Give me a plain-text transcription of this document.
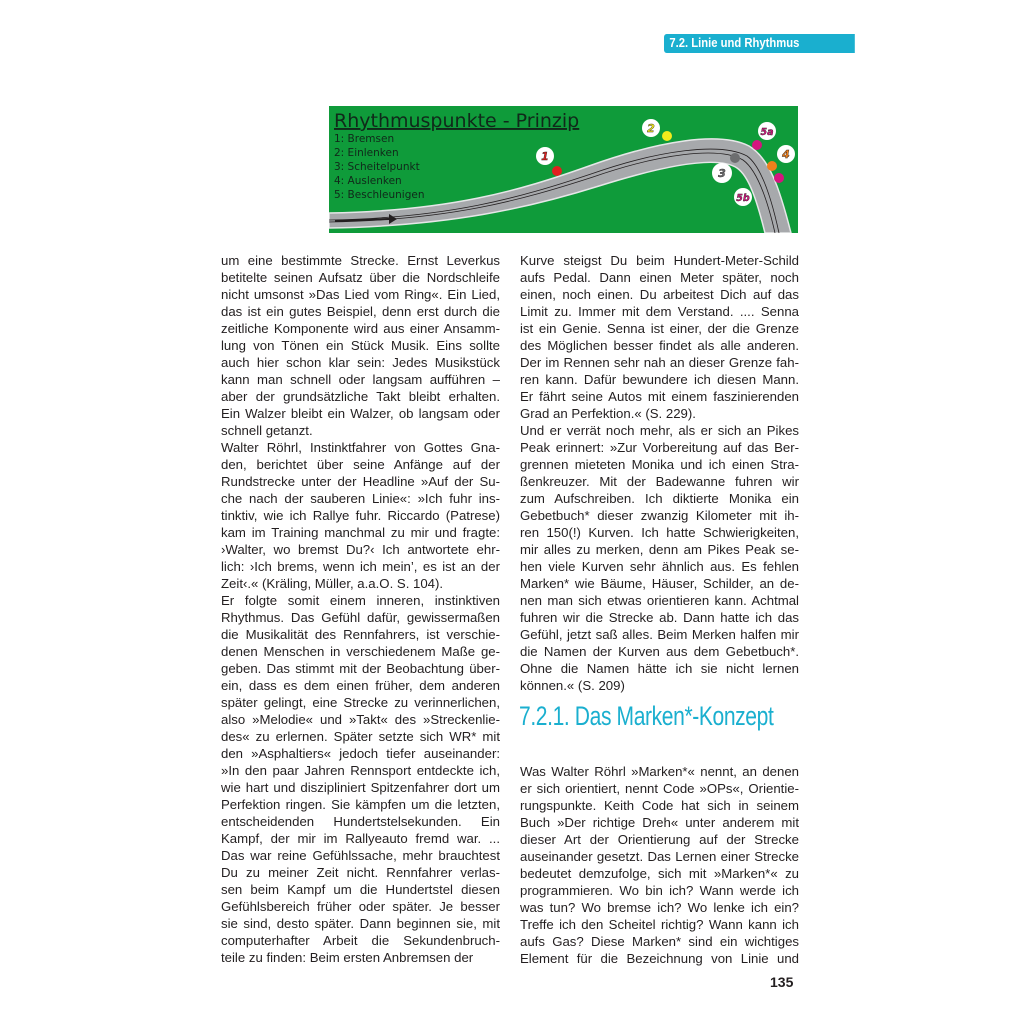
7.2. Linie und Rhythmus
Rhythmuspunkte - Prinzip
1: Bremsen
2: Einlenken
3: Scheitelpunkt
4: Auslenken
5: Beschleunigen
1
2
3
4
5a
5b
um eine bestimmte Strecke. Ernst Leverkus
betitelte seinen Aufsatz über die Nordschleife
nicht umsonst »Das Lied vom Ring«. Ein Lied,
das ist ein gutes Beispiel, denn erst durch die
zeitliche Komponente wird aus einer Ansamm-
lung von Tönen ein Stück Musik. Eins sollte
auch hier schon klar sein: Jedes Musikstück
kann man schnell oder langsam aufführen –
aber der grundsätzliche Takt bleibt erhalten.
Ein Walzer bleibt ein Walzer, ob langsam oder
schnell getanzt.
Walter Röhrl, Instinktfahrer von Gottes Gna-
den, berichtet über seine Anfänge auf der
Rundstrecke unter der Headline »Auf der Su-
che nach der sauberen Linie«: »Ich fuhr ins-
tinktiv, wie ich Rallye fuhr. Riccardo (Patrese)
kam im Training manchmal zu mir und fragte:
›Walter, wo bremst Du?‹ Ich antwortete ehr-
lich: ›Ich brems, wenn ich mein’, es ist an der
Zeit‹.« (Kräling, Müller, a.a.O. S. 104).
Er folgte somit einem inneren, instinktiven
Rhythmus. Das Gefühl dafür, gewissermaßen
die Musikalität des Rennfahrers, ist verschie-
denen Menschen in verschiedenem Maße ge-
geben. Das stimmt mit der Beobachtung über-
ein, dass es dem einen früher, dem anderen
später gelingt, eine Strecke zu verinnerlichen,
also »Melodie« und »Takt« des »Streckenlie-
des« zu erlernen. Später setzte sich WR* mit
den »Asphaltiers« jedoch tiefer auseinander:
»In den paar Jahren Rennsport entdeckte ich,
wie hart und diszipliniert Spitzenfahrer dort um
Perfektion ringen. Sie kämpfen um die letzten,
entscheidenden Hundertstelsekunden. Ein
Kampf, der mir im Rallyeauto fremd war. ...
Das war reine Gefühlssache, mehr brauchtest
Du zu meiner Zeit nicht. Rennfahrer verlas-
sen beim Kampf um die Hundertstel diesen
Gefühlsbereich früher oder später. Je besser
sie sind, desto später. Dann beginnen sie, mit
computerhafter Arbeit die Sekundenbruch-
teile zu finden: Beim ersten Anbremsen der
Kurve steigst Du beim Hundert-Meter-Schild
aufs Pedal. Dann einen Meter später, noch
einen, noch einen. Du arbeitest Dich auf das
Limit zu. Immer mit dem Verstand. .... Senna
ist ein Genie. Senna ist einer, der die Grenze
des Möglichen besser findet als alle anderen.
Der im Rennen sehr nah an dieser Grenze fah-
ren kann. Dafür bewundere ich diesen Mann.
Er fährt seine Autos mit einem faszinierenden
Grad an Perfektion.« (S. 229).
Und er verrät noch mehr, als er sich an Pikes
Peak erinnert: »Zur Vorbereitung auf das Ber-
grennen mieteten Monika und ich einen Stra-
ßenkreuzer. Mit der Badewanne fuhren wir
zum Aufschreiben. Ich diktierte Monika ein
Gebetbuch* dieser zwanzig Kilometer mit ih-
ren 150(!) Kurven. Ich hatte Schwierigkeiten,
mir alles zu merken, denn am Pikes Peak se-
hen viele Kurven sehr ähnlich aus. Es fehlen
Marken* wie Bäume, Häuser, Schilder, an de-
nen man sich etwas orientieren kann. Achtmal
fuhren wir die Strecke ab. Dann hatte ich das
Gefühl, jetzt saß alles. Beim Merken halfen mir
die Namen der Kurven aus dem Gebetbuch*.
Ohne die Namen hätte ich sie nicht lernen
können.« (S. 209)
7.2.1. Das Marken*-Konzept
Was Walter Röhrl »Marken*« nennt, an denen
er sich orientiert, nennt Code »OPs«, Orientie-
rungspunkte. Keith Code hat sich in seinem
Buch »Der richtige Dreh« unter anderem mit
dieser Art der Orientierung auf der Strecke
auseinander gesetzt. Das Lernen einer Strecke
bedeutet demzufolge, sich mit »Marken*« zu
programmieren. Wo bin ich? Wann werde ich
was tun? Wo bremse ich? Wo lenke ich ein?
Treffe ich den Scheitel richtig? Wann kann ich
aufs Gas? Diese Marken* sind ein wichtiges
Element für die Bezeichnung von Linie und
135
